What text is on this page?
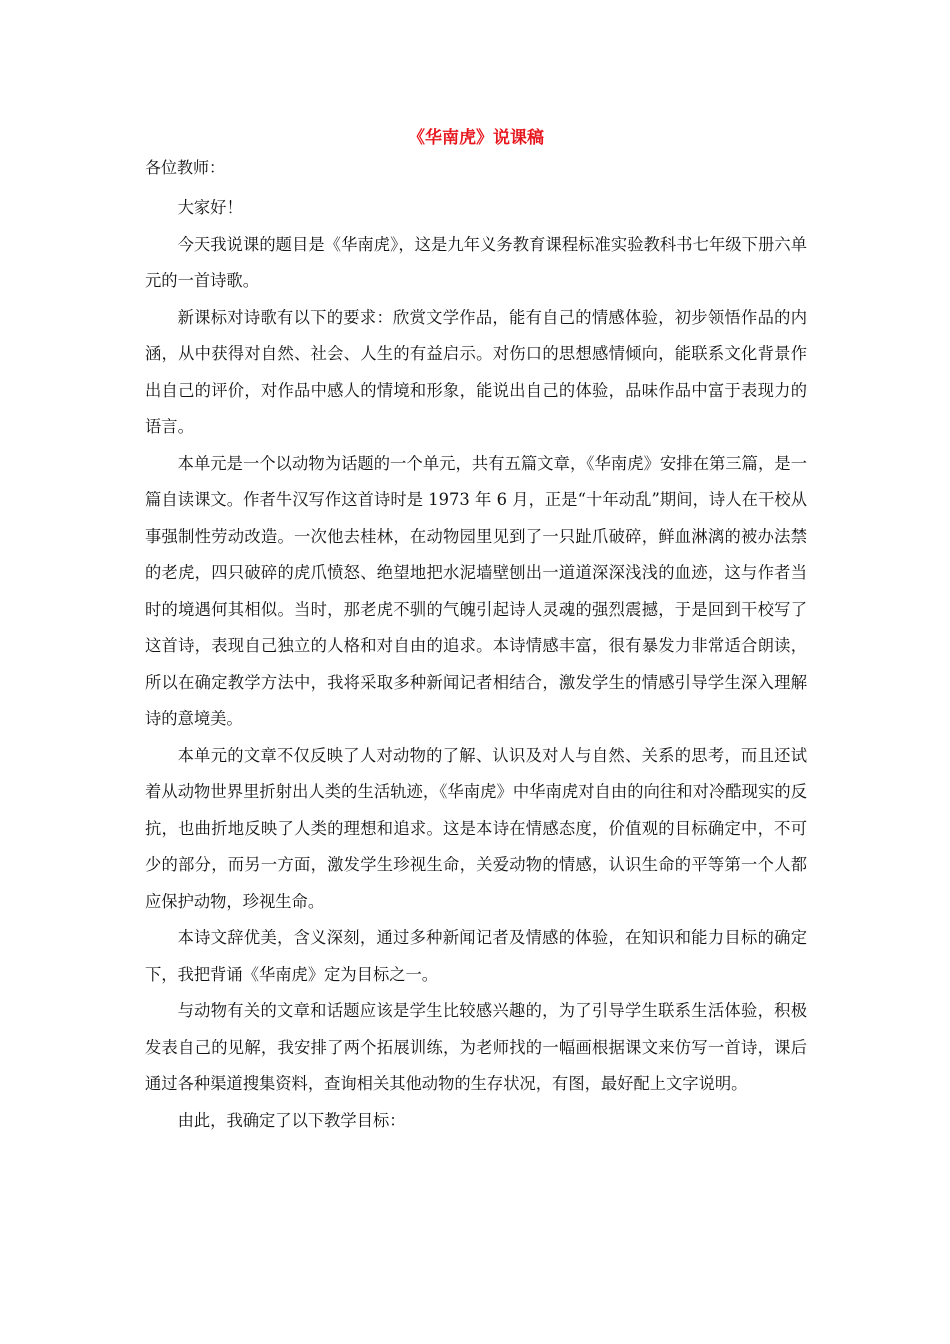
《华南虎》说课稿
各位教师：

大家好！

今天我说课的题目是《华南虎》，这是九年义务教育课程标准实验教科书七年级下册六单元的一首诗歌。

新课标对诗歌有以下的要求：欣赏文学作品，能有自己的情感体验，初步领悟作品的内涵，从中获得对自然、社会、人生的有益启示。对伤口的思想感情倾向，能联系文化背景作出自己的评价，对作品中感人的情境和形象，能说出自己的体验，品味作品中富于表现力的语言。

本单元是一个以动物为话题的一个单元，共有五篇文章，《华南虎》安排在第三篇，是一篇自读课文。作者牛汉写作这首诗时是 1973 年 6 月，正是“十年动乱”期间，诗人在干校从事强制性劳动改造。一次他去桂林，在动物园里见到了一只趾爪破碎，鲜血淋漓的被办法禁的老虎，四只破碎的虎爪愤怒、绝望地把水泥墙壁刨出一道道深深浅浅的血迹，这与作者当时的境遇何其相似。当时，那老虎不驯的气魄引起诗人灵魂的强烈震撼，于是回到干校写了这首诗，表现自己独立的人格和对自由的追求。本诗情感丰富，很有暴发力非常适合朗读，所以在确定教学方法中，我将采取多种新闻记者相结合，激发学生的情感引导学生深入理解诗的意境美。

本单元的文章不仅反映了人对动物的了解、认识及对人与自然、关系的思考，而且还试着从动物世界里折射出人类的生活轨迹，《华南虎》中华南虎对自由的向往和对冷酷现实的反抗，也曲折地反映了人类的理想和追求。这是本诗在情感态度，价值观的目标确定中，不可少的部分，而另一方面，激发学生珍视生命，关爱动物的情感，认识生命的平等第一个人都应保护动物，珍视生命。

本诗文辞优美，含义深刻，通过多种新闻记者及情感的体验，在知识和能力目标的确定下，我把背诵《华南虎》定为目标之一。

与动物有关的文章和话题应该是学生比较感兴趣的，为了引导学生联系生活体验，积极发表自己的见解，我安排了两个拓展训练，为老师找的一幅画根据课文来仿写一首诗，课后通过各种渠道搜集资料，查询相关其他动物的生存状况，有图，最好配上文字说明。

由此，我确定了以下教学目标：
